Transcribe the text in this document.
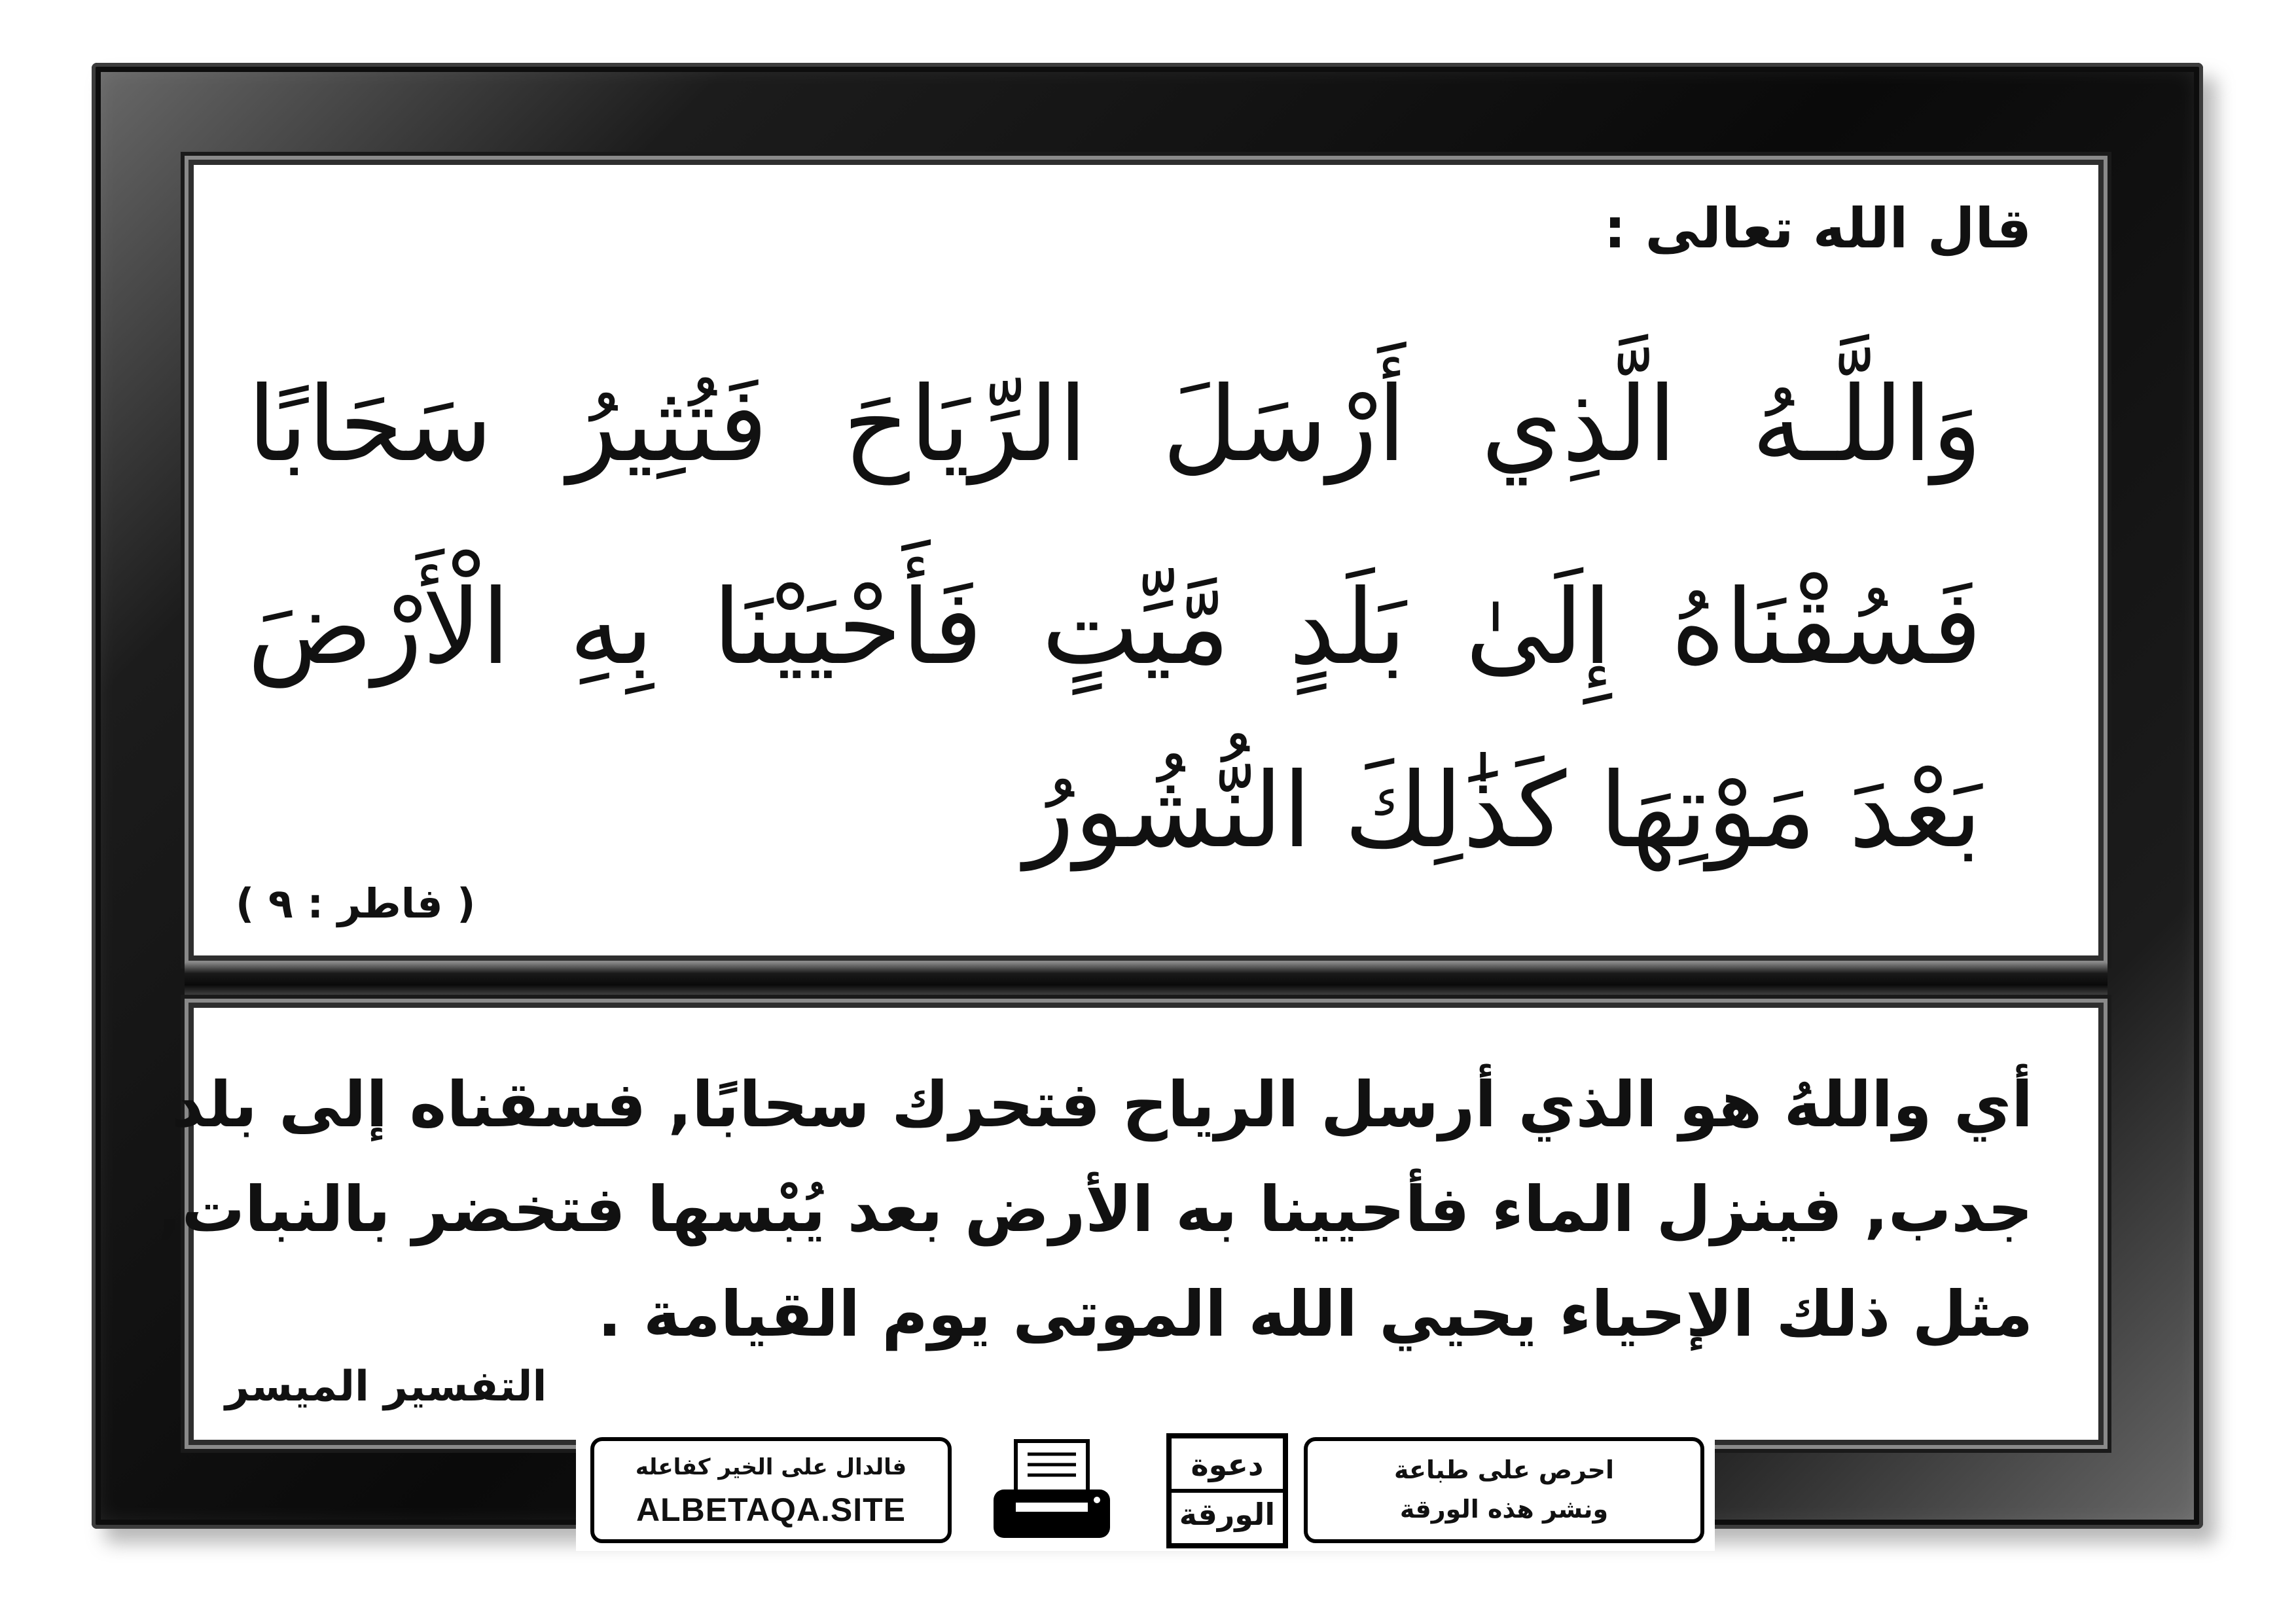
قال الله تعالى :
وَاللَّـهُ الَّذِي أَرْسَلَ الرِّيَاحَ فَتُثِيرُ سَحَابًا
فَسُقْنَاهُ إِلَىٰ بَلَدٍ مَّيِّتٍ فَأَحْيَيْنَا بِهِ الْأَرْضَ
بَعْدَ مَوْتِهَا كَذَٰلِكَ النُّشُورُ
( فاطر : ٩ )
أي واللهُ هو الذي أرسل الرياح فتحرك سحابًا, فسقناه إلى بلد
جدب, فينزل الماء فأحيينا به الأرض بعد يُبْسها فتخضر بالنبات,
مثل ذلك الإحياء يحيي الله الموتى يوم القيامة .
التفسير الميسر
فالدال على الخير كفاعله
ALBETAQA.SITE
دعوة
الورقة
احرص على طباعة
ونشر هذه الورقة
